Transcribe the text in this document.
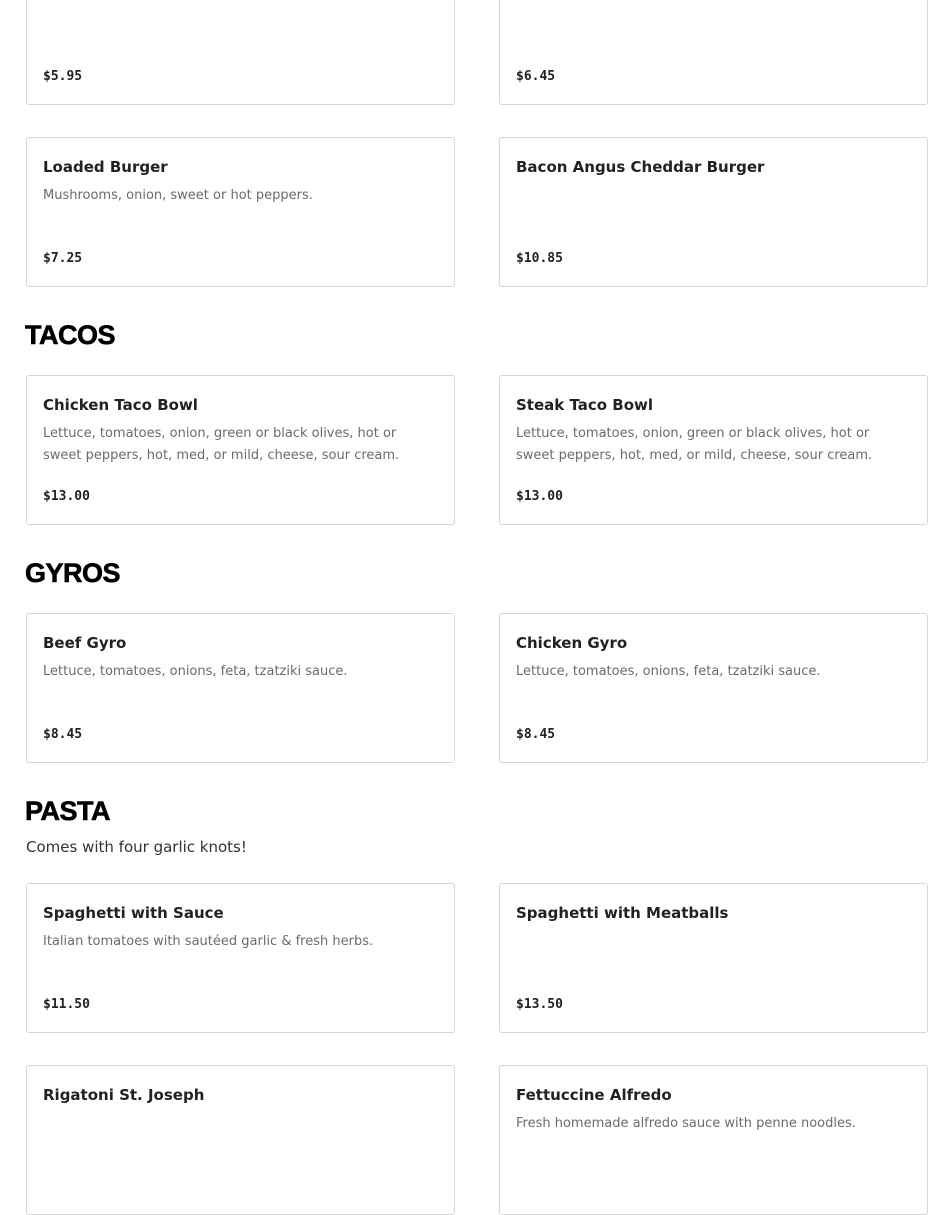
$5.95	$6.45
Loaded Burger
Mushrooms, onion, sweet or hot peppers.
$7.25
Bacon Angus Cheddar Burger
$10.85
TACOS
Chicken Taco Bowl
Lettuce, tomatoes, onion, green or black olives, hot or sweet peppers, hot, med, or mild, cheese, sour cream.
$13.00
Steak Taco Bowl
Lettuce, tomatoes, onion, green or black olives, hot or sweet peppers, hot, med, or mild, cheese, sour cream.
$13.00
GYROS
Beef Gyro
Lettuce, tomatoes, onions, feta, tzatziki sauce.
$8.45
Chicken Gyro
Lettuce, tomatoes, onions, feta, tzatziki sauce.
$8.45
PASTA
Comes with four garlic knots!
Spaghetti with Sauce
Italian tomatoes with sautéed garlic & fresh herbs.
$11.50
Spaghetti with Meatballs
$13.50
Rigatoni St. Joseph	Fettuccine Alfredo
Fresh homemade alfredo sauce with penne noodles.
